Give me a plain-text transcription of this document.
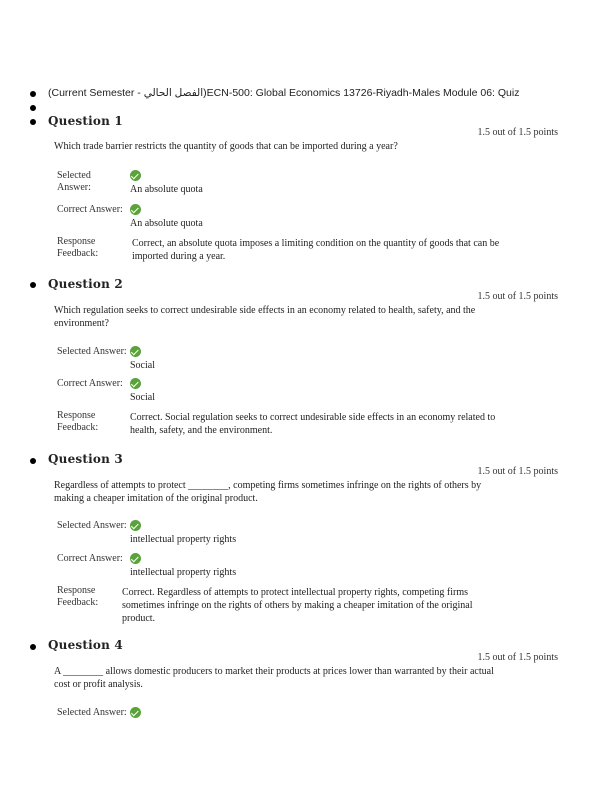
(Current Semester - الفصل الحالي)ECN-500: Global Economics 13726-Riyadh-Males Module 06: Quiz
Question 1
1.5 out of 1.5 points
Which trade barrier restricts the quantity of goods that can be imported during a year?
Selected Answer:	An absolute quota
Correct Answer:
An absolute quota
Response Feedback:
Correct, an absolute quota imposes a limiting condition on the quantity of goods that can be imported during a year.
Question 2
1.5 out of 1.5 points
Which regulation seeks to correct undesirable side effects in an economy related to health, safety, and the environment?
Selected Answer:
Social
Correct Answer:
Social
Response Feedback:
Correct. Social regulation seeks to correct undesirable side effects in an economy related to health, safety, and the environment.
Question 3
1.5 out of 1.5 points
Regardless of attempts to protect ________, competing firms sometimes infringe on the rights of others by making a cheaper imitation of the original product.
Selected Answer:
intellectual property rights
Correct Answer:
intellectual property rights
Response Feedback:
Correct. Regardless of attempts to protect intellectual property rights, competing firms sometimes infringe on the rights of others by making a cheaper imitation of the original product.
Question 4
1.5 out of 1.5 points
A ________ allows domestic producers to market their products at prices lower than warranted by their actual cost or profit analysis.
Selected Answer:
